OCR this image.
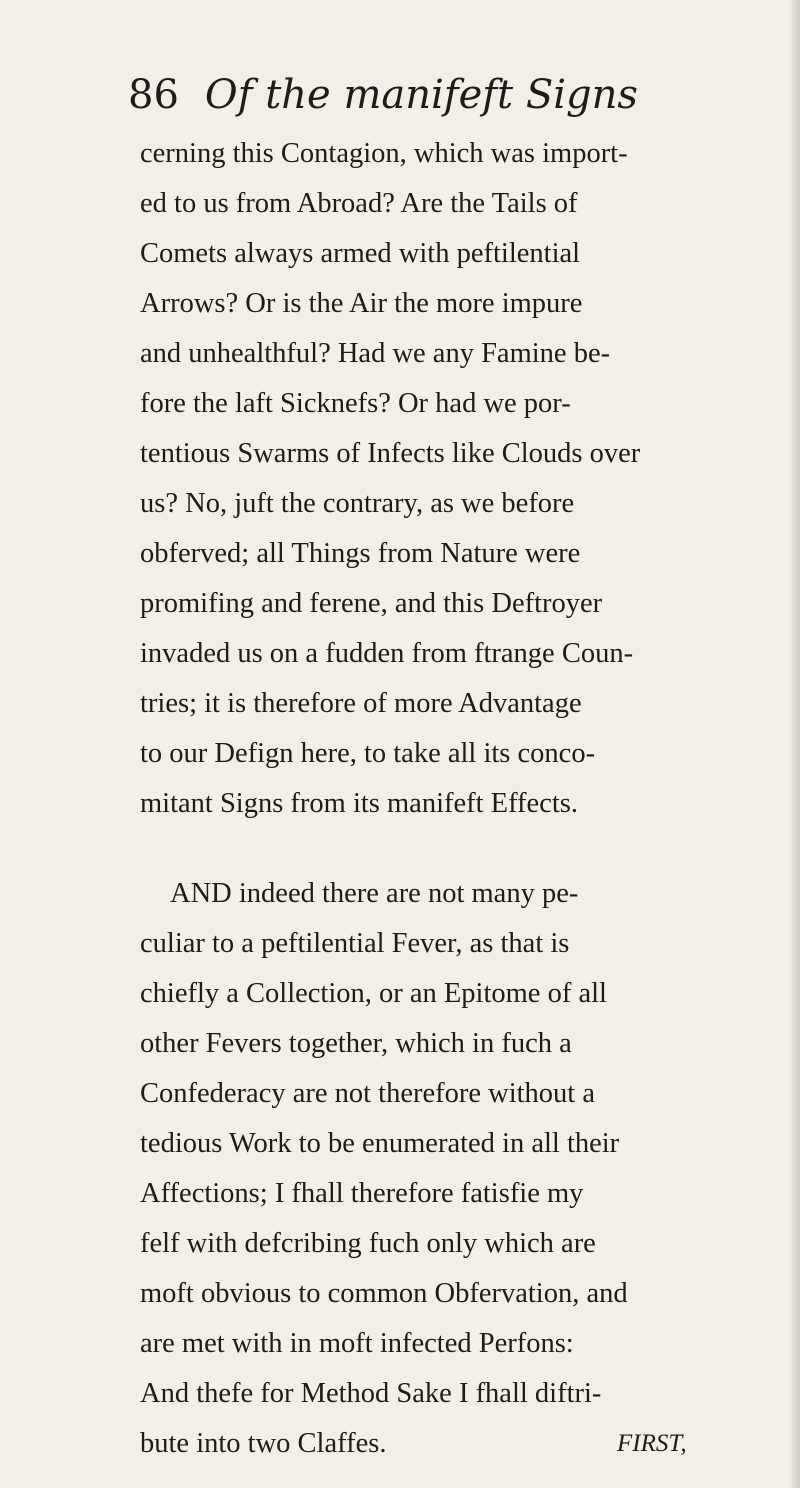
86 Of the manifeft Signs
cerning this Contagion, which was import-
ed to us from Abroad? Are the Tails of
Comets always armed with peftilential
Arrows? Or is the Air the more impure
and unhealthful? Had we any Famine be-
fore the laft Sicknefs? Or had we por-
tentious Swarms of Infects like Clouds over
us? No, juft the contrary, as we before
obferved; all Things from Nature were
promifing and ferene, and this Deftroyer
invaded us on a fudden from ftrange Coun-
tries; it is therefore of more Advantage
to our Defign here, to take all its conco-
mitant Signs from its manifeft Effects.
AND indeed there are not many pe-
culiar to a peftilential Fever, as that is
chiefly a Collection, or an Epitome of all
other Fevers together, which in fuch a
Confederacy are not therefore without a
tedious Work to be enumerated in all their
Affections; I fhall therefore fatisfie my
felf with defcribing fuch only which are
moft obvious to common Obfervation, and
are met with in moft infected Perfons:
And thefe for Method Sake I fhall diftri-
bute into two Claffes.	FIRST,
